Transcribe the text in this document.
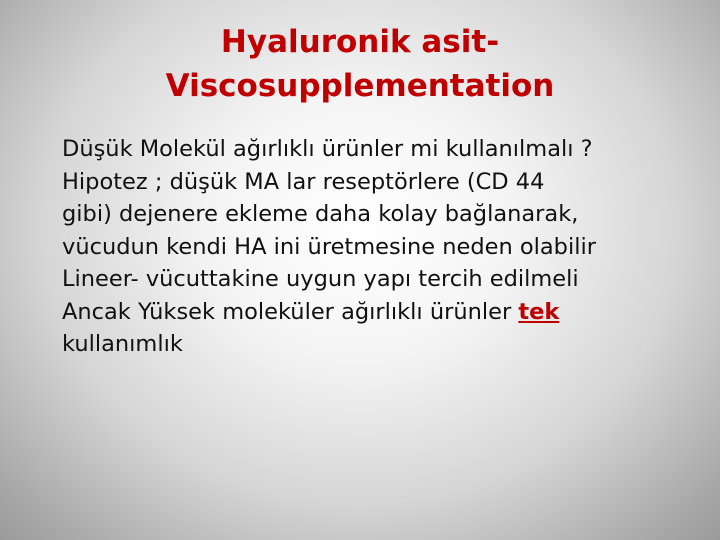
Hyaluronik asit-
Viscosupplementation
Düşük Molekül ağırlıklı ürünler mi kullanılmalı ?
Hipotez ; düşük MA lar reseptörlere (CD 44
gibi) dejenere ekleme daha kolay bağlanarak,
vücudun kendi HA ini üretmesine neden olabilir
Lineer- vücuttakine uygun yapı tercih edilmeli
Ancak Yüksek moleküler ağırlıklı ürünler tek
kullanımlık
